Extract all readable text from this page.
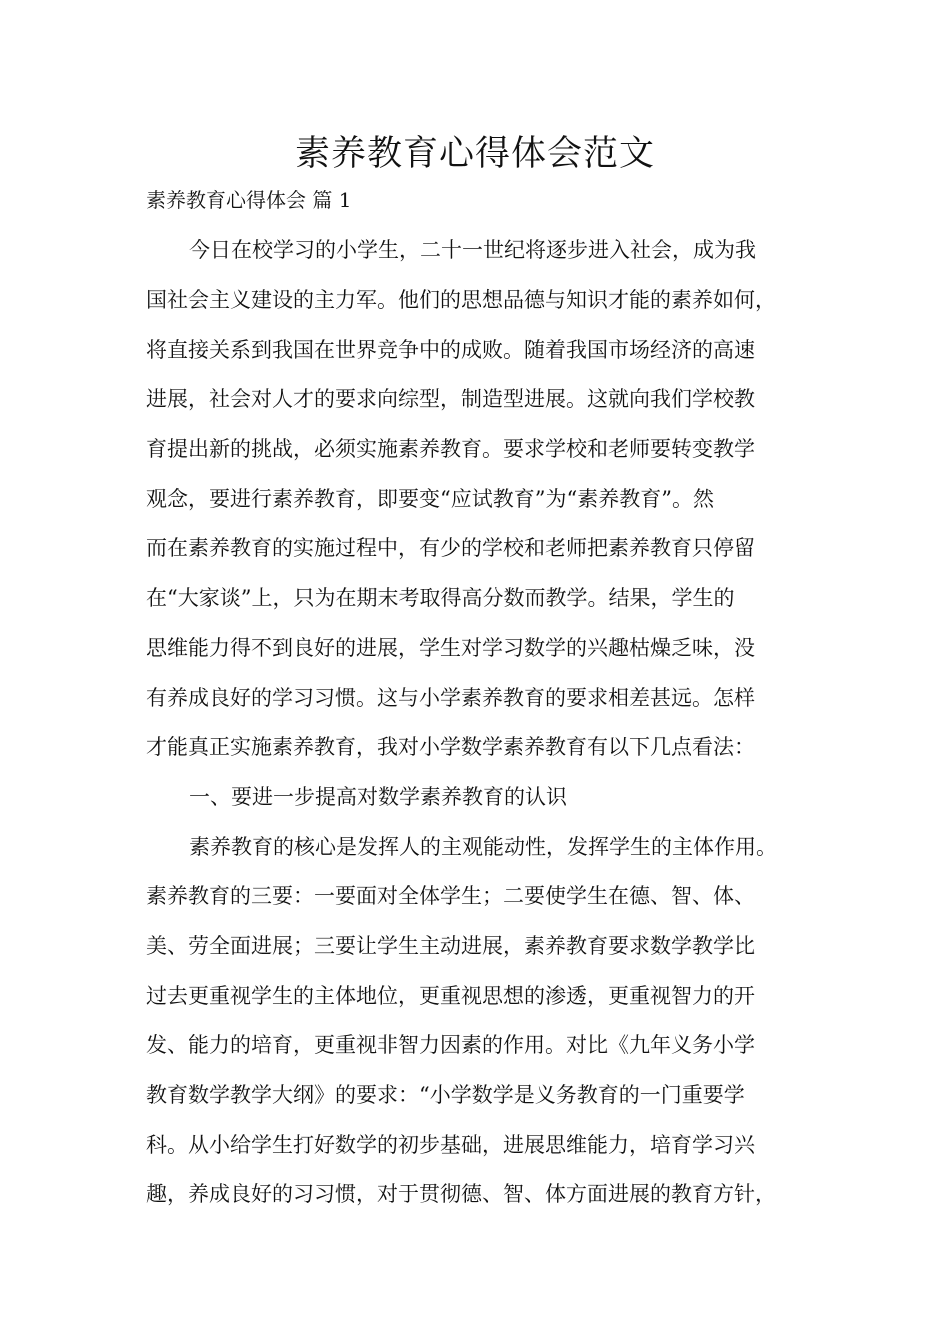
素养教育心得体会范文

素养教育心得体会 篇 1

今日在校学习的小学生，二十一世纪将逐步进入社会，成为我

国社会主义建设的主力军。他们的思想品德与知识才能的素养如何，

将直接关系到我国在世界竞争中的成败。随着我国市场经济的高速

进展，社会对人才的要求向综型，制造型进展。这就向我们学校教

育提出新的挑战，必须实施素养教育。要求学校和老师要转变教学

观念，要进行素养教育，即要变“应试教育”为“素养教育”。然

而在素养教育的实施过程中，有少的学校和老师把素养教育只停留

在“大家谈”上，只为在期末考取得高分数而教学。结果，学生的

思维能力得不到良好的进展，学生对学习数学的兴趣枯燥乏味，没

有养成良好的学习习惯。这与小学素养教育的要求相差甚远。怎样

才能真正实施素养教育，我对小学数学素养教育有以下几点看法：

一、要进一步提高对数学素养教育的认识

素养教育的核心是发挥人的主观能动性，发挥学生的主体作用。

素养教育的三要：一要面对全体学生；二要使学生在德、智、体、

美、劳全面进展；三要让学生主动进展，素养教育要求数学教学比

过去更重视学生的主体地位，更重视思想的渗透，更重视智力的开

发、能力的培育，更重视非智力因素的作用。对比《九年义务小学

教育数学教学大纲》的要求：“小学数学是义务教育的一门重要学

科。从小给学生打好数学的初步基础，进展思维能力，培育学习兴

趣，养成良好的习习惯，对于贯彻德、智、体方面进展的教育方针，
